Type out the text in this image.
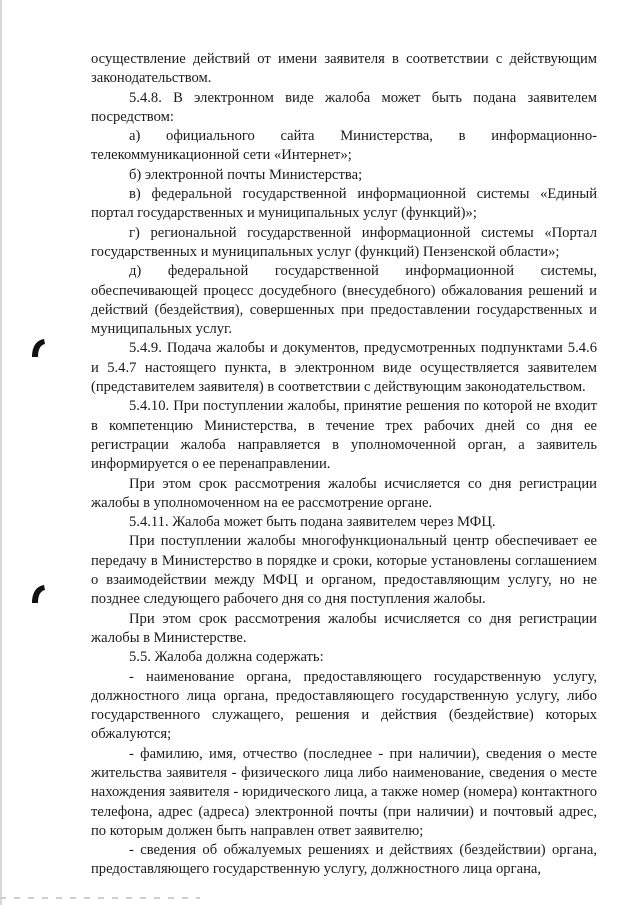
осуществление действий от имени заявителя в соответствии с действующим законодательством.

5.4.8. В электронном виде жалоба может быть подана заявителем посредством:

а) официального сайта Министерства, в информационно-телекоммуникационной сети «Интернет»;

б) электронной почты Министерства;

в) федеральной государственной информационной системы «Единый портал государственных и муниципальных услуг (функций)»;

г) региональной государственной информационной системы «Портал государственных и муниципальных услуг (функций) Пензенской области»;

д) федеральной государственной информационной системы, обеспечивающей процесс досудебного (внесудебного) обжалования решений и действий (бездействия), совершенных при предоставлении государственных и муниципальных услуг.

5.4.9. Подача жалобы и документов, предусмотренных подпунктами 5.4.6 и 5.4.7 настоящего пункта, в электронном виде осуществляется заявителем (представителем заявителя) в соответствии с действующим законодательством.

5.4.10. При поступлении жалобы, принятие решения по которой не входит в компетенцию Министерства, в течение трех рабочих дней со дня ее регистрации жалоба направляется в уполномоченной орган, а заявитель информируется о ее перенаправлении.

При этом срок рассмотрения жалобы исчисляется со дня регистрации жалобы в уполномоченном на ее рассмотрение органе.

5.4.11. Жалоба может быть подана заявителем через МФЦ.

При поступлении жалобы многофункциональный центр обеспечивает ее передачу в Министерство в порядке и сроки, которые установлены соглашением о взаимодействии между МФЦ и органом, предоставляющим услугу, но не позднее следующего рабочего дня со дня поступления жалобы.

При этом срок рассмотрения жалобы исчисляется со дня регистрации жалобы в Министерстве.

5.5. Жалоба должна содержать:

- наименование органа, предоставляющего государственную услугу, должностного лица органа, предоставляющего государственную услугу, либо государственного служащего, решения и действия (бездействие) которых обжалуются;

- фамилию, имя, отчество (последнее - при наличии), сведения о месте жительства заявителя - физического лица либо наименование, сведения о месте нахождения заявителя - юридического лица, а также номер (номера) контактного телефона, адрес (адреса) электронной почты (при наличии) и почтовый адрес, по которым должен быть направлен ответ заявителю;

- сведения об обжалуемых решениях и действиях (бездействии) органа, предоставляющего государственную услугу, должностного лица органа,
